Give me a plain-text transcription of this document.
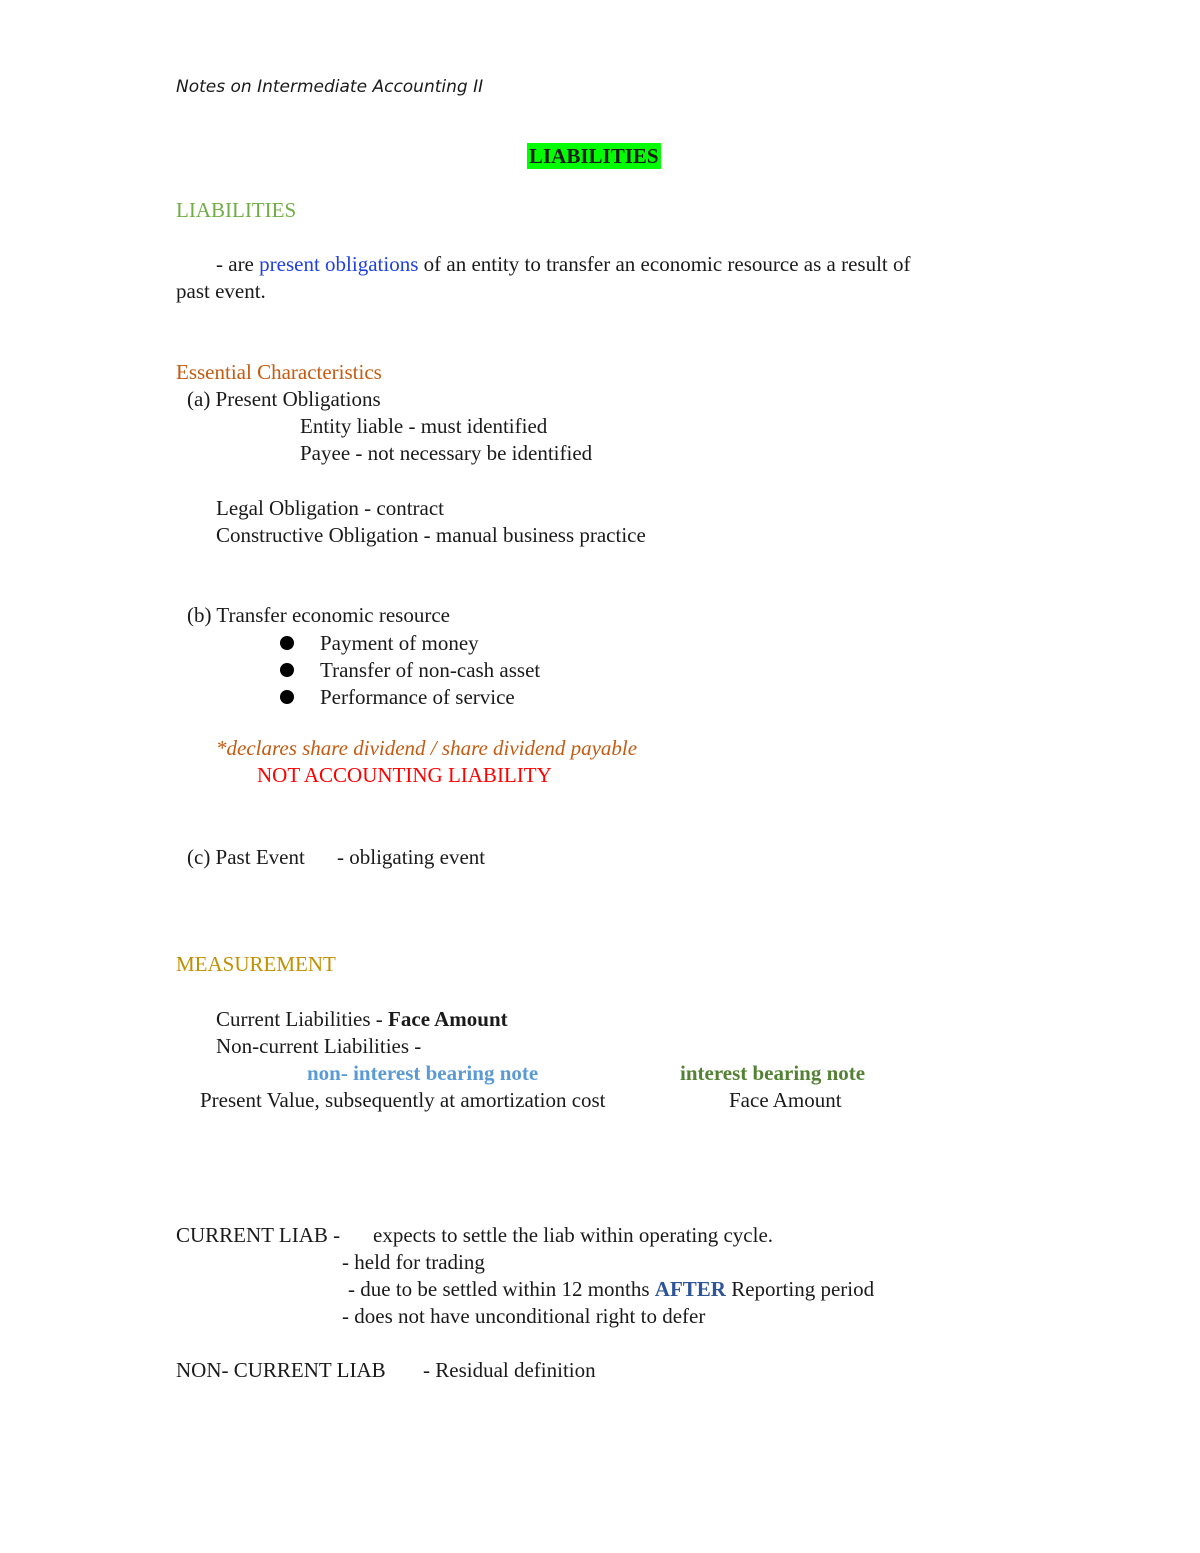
Notes on Intermediate Accounting II
LIABILITIES
LIABILITIES
- are present obligations of an entity to transfer an economic resource as a result of
past event.
Essential Characteristics
(a) Present Obligations
Entity liable - must identified
Payee - not necessary be identified
Legal Obligation - contract
Constructive Obligation - manual business practice
(b) Transfer economic resource
Payment of money
Transfer of non-cash asset
Performance of service
*declares share dividend / share dividend payable
NOT ACCOUNTING LIABILITY
(c) Past Event - obligating event
MEASUREMENT
Current Liabilities - Face Amount
Non-current Liabilities -
non- interest bearing note	interest bearing note
Present Value, subsequently at amortization cost	Face Amount
CURRENT LIAB - expects to settle the liab within operating cycle.
- held for trading
- due to be settled within 12 months AFTER Reporting period
- does not have unconditional right to defer
NON- CURRENT LIAB - Residual definition
